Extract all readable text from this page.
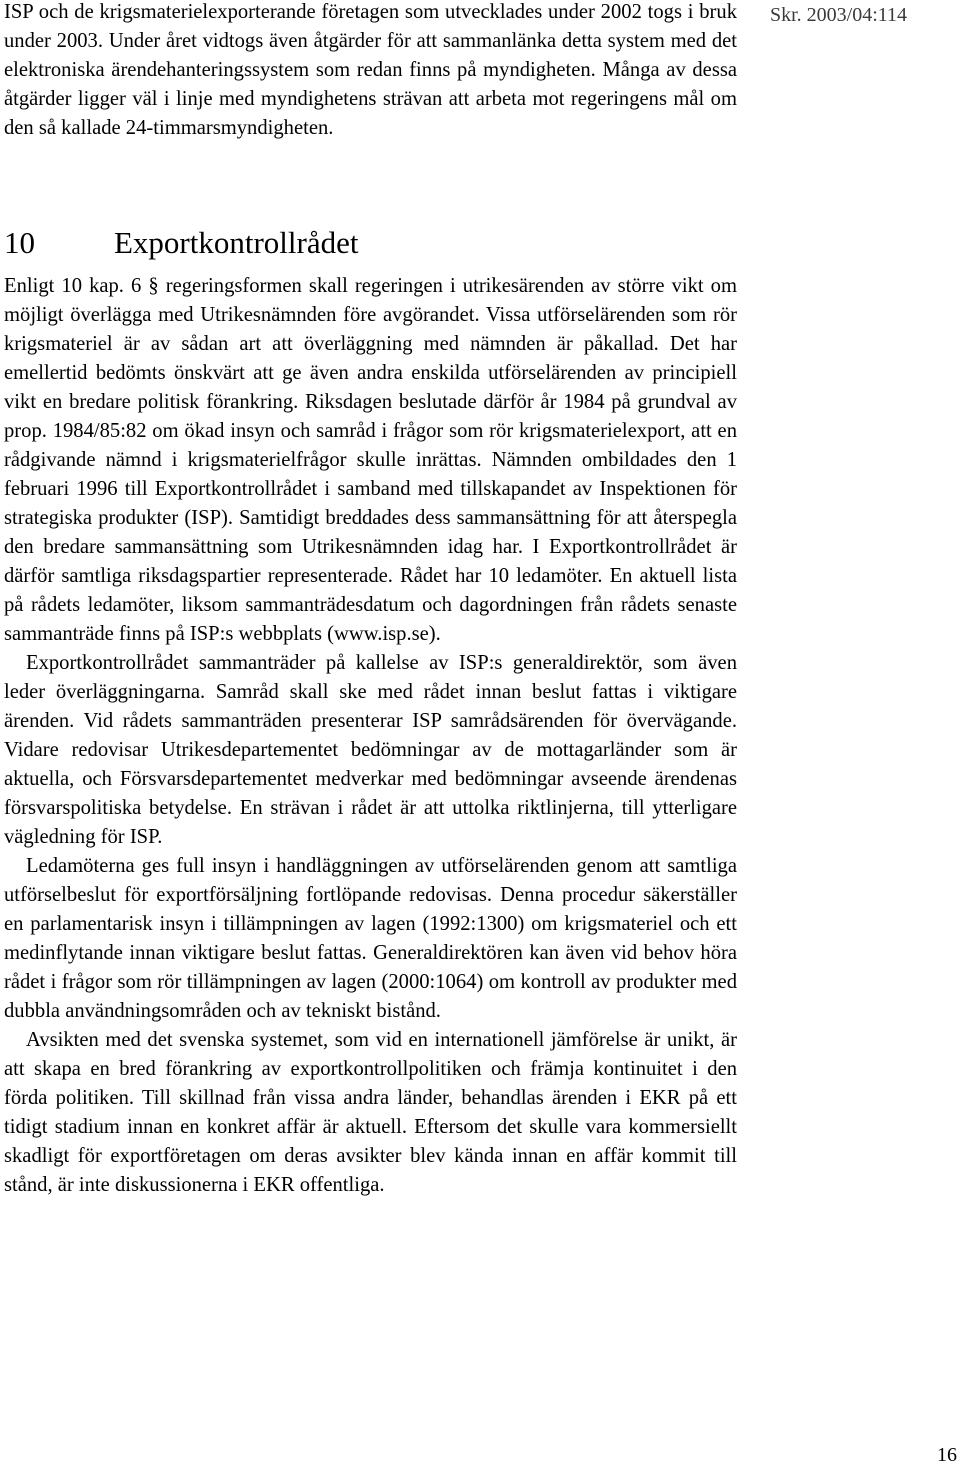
ISP och de krigsmaterielexporterande företagen som utvecklades under 2002 togs i bruk under 2003. Under året vidtogs även åtgärder för att sammanlänka detta system med det elektroniska ärendehanteringssystem som redan finns på myndigheten. Många av dessa åtgärder ligger väl i linje med myndighetens strävan att arbeta mot regeringens mål om den så kallade 24-timmarsmyndigheten.

10	Exportkontrollrådet

Enligt 10 kap. 6 § regeringsformen skall regeringen i utrikesärenden av större vikt om möjligt överlägga med Utrikesnämnden före avgörandet. Vissa utförselärenden som rör krigsmateriel är av sådan art att överläggning med nämnden är påkallad. Det har emellertid bedömts önskvärt att ge även andra enskilda utförselärenden av principiell vikt en bredare politisk förankring. Riksdagen beslutade därför år 1984 på grundval av prop. 1984/85:82 om ökad insyn och samråd i frågor som rör krigsmaterielexport, att en rådgivande nämnd i krigsmaterielfrågor skulle inrättas. Nämnden ombildades den 1 februari 1996 till Exportkontrollrådet i samband med tillskapandet av Inspektionen för strategiska produkter (ISP). Samtidigt breddades dess sammansättning för att återspegla den bredare sammansättning som Utrikesnämnden idag har. I Exportkontrollrådet är därför samtliga riksdagspartier representerade. Rådet har 10 ledamöter. En aktuell lista på rådets ledamöter, liksom sammanträdesdatum och dagordningen från rådets senaste sammanträde finns på ISP:s webbplats (www.isp.se).

Exportkontrollrådet sammanträder på kallelse av ISP:s generaldirektör, som även leder överläggningarna. Samråd skall ske med rådet innan beslut fattas i viktigare ärenden. Vid rådets sammanträden presenterar ISP samrådsärenden för övervägande. Vidare redovisar Utrikesdepartementet bedömningar av de mottagarländer som är aktuella, och Försvarsdepartementet medverkar med bedömningar avseende ärendenas försvarspolitiska betydelse. En strävan i rådet är att uttolka riktlinjerna, till ytterligare vägledning för ISP.

Ledamöterna ges full insyn i handläggningen av utförselärenden genom att samtliga utförselbeslut för exportförsäljning fortlöpande redovisas. Denna procedur säkerställer en parlamentarisk insyn i tillämpningen av lagen (1992:1300) om krigsmateriel och ett medinflytande innan viktigare beslut fattas. Generaldirektören kan även vid behov höra rådet i frågor som rör tillämpningen av lagen (2000:1064) om kontroll av produkter med dubbla användningsområden och av tekniskt bistånd.

Avsikten med det svenska systemet, som vid en internationell jämförelse är unikt, är att skapa en bred förankring av exportkontrollpolitiken och främja kontinuitet i den förda politiken. Till skillnad från vissa andra länder, behandlas ärenden i EKR på ett tidigt stadium innan en konkret affär är aktuell. Eftersom det skulle vara kommersiellt skadligt för exportföretagen om deras avsikter blev kända innan en affär kommit till stånd, är inte diskussionerna i EKR offentliga.

Skr. 2003/04:114
16
